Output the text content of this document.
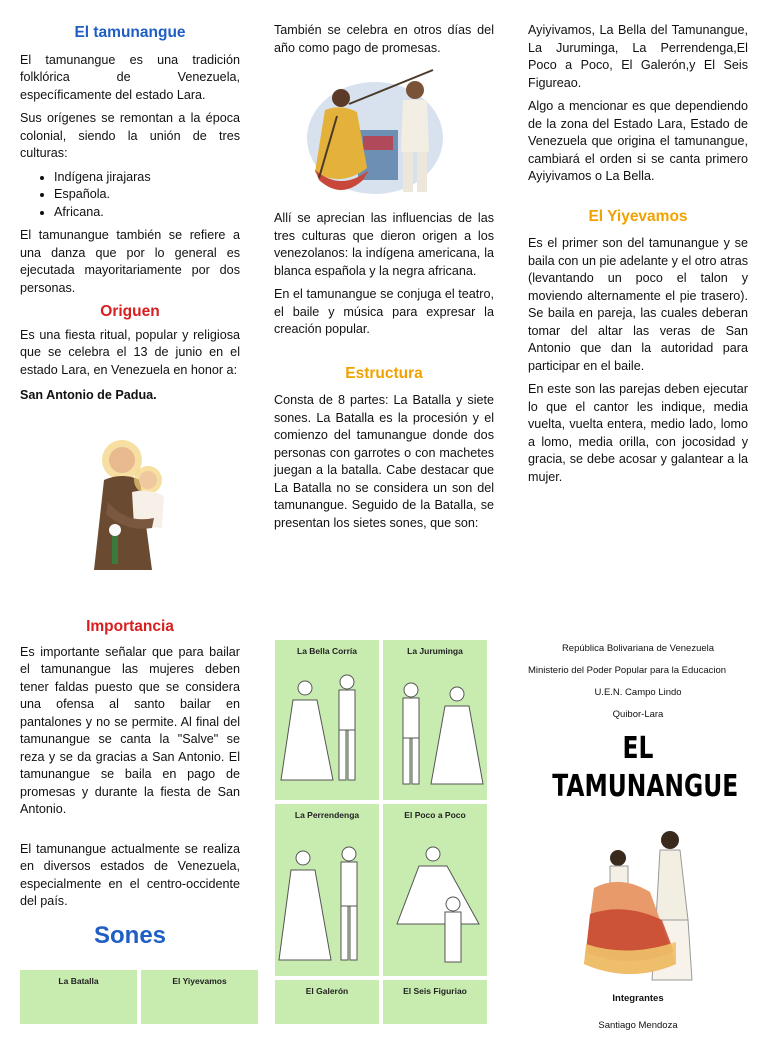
El tamunangue

El tamunangue es una tradición folklórica de Venezuela, específicamente del estado Lara.

Sus orígenes se remontan a la época colonial, siendo la unión de tres culturas:

• Indígena jirajaras
• Española.
• Africana.

El tamunangue también se refiere a una danza que por lo general es ejecutada mayoritariamente por dos personas.

Origuen

Es una fiesta ritual, popular y religiosa que se celebra el 13 de junio en el estado Lara, en Venezuela en honor a:

San Antonio de Padua.

También se celebra en otros días del año como pago de promesas.

Allí se aprecian las influencias de las tres culturas que dieron origen a los venezolanos: la indígena americana, la blanca española y la negra africana.

En el tamunangue se conjuga el teatro, el baile y música para expresar la creación popular.

Estructura

Consta de 8 partes: La Batalla y siete sones. La Batalla es la procesión y el comienzo del tamunangue donde dos personas con garrotes o con machetes juegan a la batalla. Cabe destacar que La Batalla no se considera un son del tamunangue. Seguido de la Batalla, se presentan los sietes sones, que son:

Ayiyivamos, La Bella del Tamunangue, La Juruminga, La Perrendenga,El Poco a Poco, El Galerón,y El Seis Figureao.

Algo a mencionar es que dependiendo de la zona del Estado Lara, Estado de Venezuela que origina el tamunangue, cambiará el orden si se canta primero Ayiyivamos o La Bella.

El Yiyevamos

Es el primer son del tamunangue y se baila con un pie adelante y el otro atras (levantando un poco el talon y moviendo alternamente el pie trasero). Se baila en pareja, las cuales deberan tomar del altar las veras de San Antonio que dan la autoridad para participar en el baile.

En este son las parejas deben ejecutar lo que el cantor les indique, media vuelta, vuelta entera, medio lado, lomo a lomo, media orilla, con jocosidad y gracia, se debe acosar y galantear a la mujer.

Importancia

Es importante señalar que para bailar el tamunangue las mujeres deben tener faldas puesto que se considera una ofensa al santo bailar en pantalones y no se permite. Al final del tamunangue se canta la "Salve" se reza y se da gracias a San Antonio. El tamunangue se baila en pago de promesas y durante la fiesta de San Antonio.

El tamunangue actualmente se realiza en diversos estados de Venezuela, especialmente en el centro-occidente del país.

Sones
La Batalla	El Yiyevamos
La Bella Corría	La Juruminga
La Perrendenga	El Poco a Poco
El Galerón	El Seis Figuriao

República Bolivariana de Venezuela

Ministerio del Poder Popular para la Educacion

U.E.N. Campo Lindo

Quibor-Lara

EL
TAMUNANGUE

Integrantes

Santiago Mendoza
